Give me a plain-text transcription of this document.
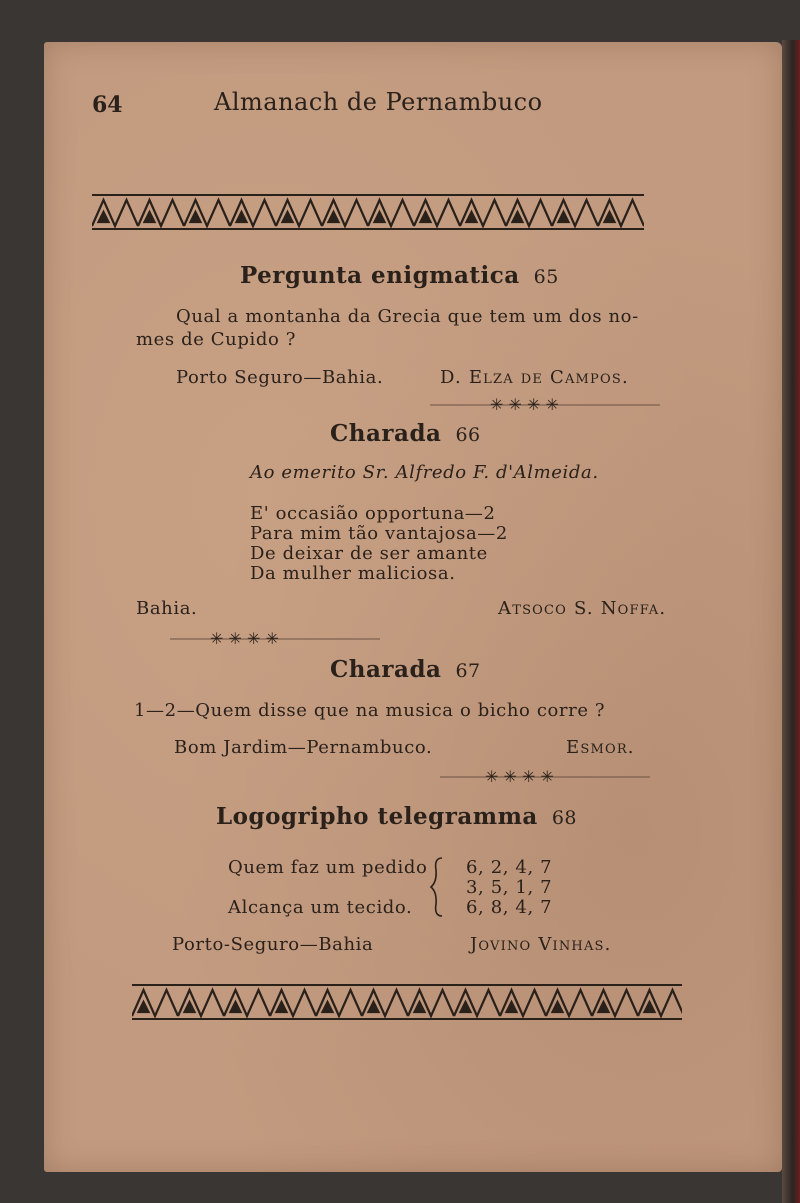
64	Almanach de Pernambuco
Pergunta enigmatica 65
Qual a montanha da Grecia que tem um dos no-
mes de Cupido ?
Porto Seguro—Bahia.	D. Elza de Campos.
✳ ✳ ✳ ✳
Charada 66
Ao emerito Sr. Alfredo F. d'Almeida.
E' occasião opportuna—2
Para mim tão vantajosa—2
De deixar de ser amante
Da mulher maliciosa.
Bahia.	Atsoco S. Noffa.
✳ ✳ ✳ ✳
Charada 67
1—2—Quem disse que na musica o bicho corre ?
Bom Jardim—Pernambuco.	Esmor.
✳ ✳ ✳ ✳
Logogripho telegramma 68
Quem faz um pedido
Alcança um tecido.
6, 2, 4, 7
3, 5, 1, 7
6, 8, 4, 7
Porto-Seguro—Bahia	Jovino Vinhas.
